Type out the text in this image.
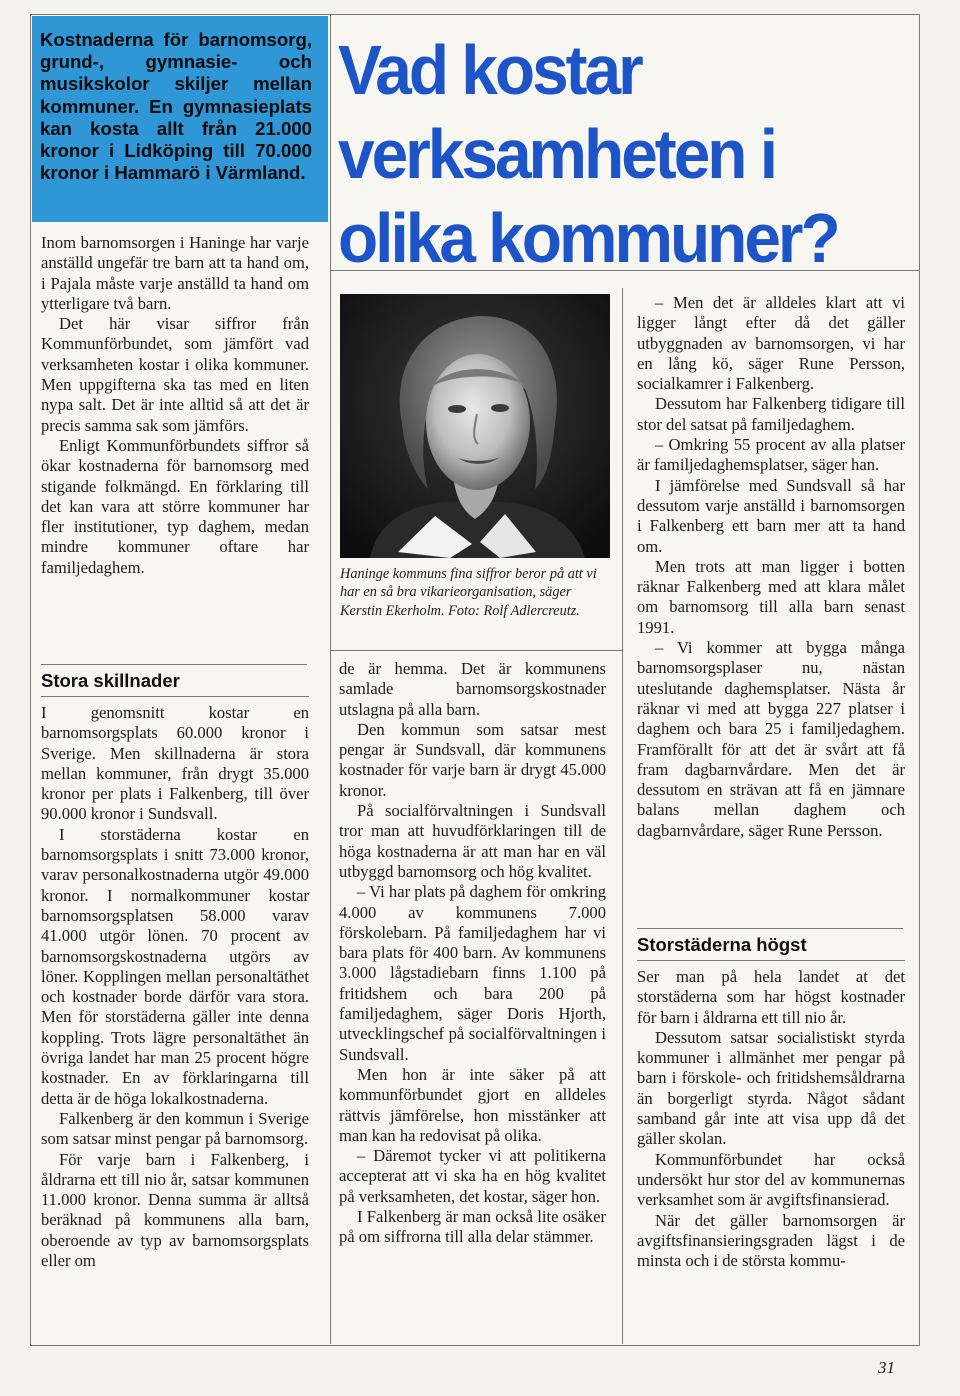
Kostnaderna för barnomsorg, grund-, gymnasie- och musikskolor skiljer mellan kommuner. En gymnasieplats kan kosta allt från 21.000 kronor i Lidköping till 70.000 kronor i Hammarö i Värmland.

Vad kostar verksamheten i olika kommuner?

Haninge kommuns fina siffror beror på att vi har en så bra vikarieorganisation, säger Kerstin Ekerholm. Foto: Rolf Adlercreutz.

Inom barnomsorgen i Haninge har varje anställd ungefär tre barn att ta hand om, i Pajala måste varje anställd ta hand om ytterligare två barn.

Det här visar siffror från Kommunförbundet, som jämfört vad verksamheten kostar i olika kommuner. Men uppgifterna ska tas med en liten nypa salt. Det är inte alltid så att det är precis samma sak som jämförs.

Enligt Kommunförbundets siffror så ökar kostnaderna för barnomsorg med stigande folkmängd. En förklaring till det kan vara att större kommuner har fler institutioner, typ daghem, medan mindre kommuner oftare har familjedaghem.

Stora skillnader

I genomsnitt kostar en barnomsorgsplats 60.000 kronor i Sverige. Men skillnaderna är stora mellan kommuner, från drygt 35.000 kronor per plats i Falkenberg, till över 90.000 kronor i Sundsvall.

I storstäderna kostar en barnomsorgsplats i snitt 73.000 kronor, varav personalkostnaderna utgör 49.000 kronor. I normalkommuner kostar barnomsorgsplatsen 58.000 varav 41.000 utgör lönen. 70 procent av barnomsorgskostnaderna utgörs av löner. Kopplingen mellan personaltäthet och kostnader borde därför vara stora. Men för storstäderna gäller inte denna koppling. Trots lägre personaltäthet än övriga landet har man 25 procent högre kostnader. En av förklaringarna till detta är de höga lokalkostnaderna.

Falkenberg är den kommun i Sverige som satsar minst pengar på barnomsorg.

För varje barn i Falkenberg, i åldrarna ett till nio år, satsar kommunen 11.000 kronor. Denna summa är alltså beräknad på kommunens alla barn, oberoende av typ av barnomsorgsplats eller om

de är hemma. Det är kommunens samlade barnomsorgskostnader utslagna på alla barn.

Den kommun som satsar mest pengar är Sundsvall, där kommunens kostnader för varje barn är drygt 45.000 kronor.

På socialförvaltningen i Sundsvall tror man att huvudförklaringen till de höga kostnaderna är att man har en väl utbyggd barnomsorg och hög kvalitet.

– Vi har plats på daghem för omkring 4.000 av kommunens 7.000 förskolebarn. På familjedaghem har vi bara plats för 400 barn. Av kommunens 3.000 lågstadiebarn finns 1.100 på fritidshem och bara 200 på familjedaghem, säger Doris Hjorth, utvecklingschef på socialförvaltningen i Sundsvall.

Men hon är inte säker på att kommunförbundet gjort en alldeles rättvis jämförelse, hon misstänker att man kan ha redovisat på olika.

– Däremot tycker vi att politikerna accepterat att vi ska ha en hög kvalitet på verksamheten, det kostar, säger hon.

I Falkenberg är man också lite osäker på om siffrorna till alla delar stämmer.

– Men det är alldeles klart att vi ligger långt efter då det gäller utbyggnaden av barnomsorgen, vi har en lång kö, säger Rune Persson, socialkamrer i Falkenberg.

Dessutom har Falkenberg tidigare till stor del satsat på familjedaghem.

– Omkring 55 procent av alla platser är familjedaghemsplatser, säger han.

I jämförelse med Sundsvall så har dessutom varje anställd i barnomsorgen i Falkenberg ett barn mer att ta hand om.

Men trots att man ligger i botten räknar Falkenberg med att klara målet om barnomsorg till alla barn senast 1991.

– Vi kommer att bygga många barnomsorgsplaser nu, nästan uteslutande daghemsplatser. Nästa år räknar vi med att bygga 227 platser i daghem och bara 25 i familjedaghem. Framförallt för att det är svårt att få fram dagbarnvårdare. Men det är dessutom en strävan att få en jämnare balans mellan daghem och dagbarnvårdare, säger Rune Persson.

Storstäderna högst

Ser man på hela landet at det storstäderna som har högst kostnader för barn i åldrarna ett till nio år.

Dessutom satsar socialistiskt styrda kommuner i allmänhet mer pengar på barn i förskole- och fritidshemsåldrarna än borgerligt styrda. Något sådant samband går inte att visa upp då det gäller skolan.

Kommunförbundet har också undersökt hur stor del av kommunernas verksamhet som är avgiftsfinansierad.

När det gäller barnomsorgen är avgiftsfinansieringsgraden lägst i de minsta och i de största kommu-

31
